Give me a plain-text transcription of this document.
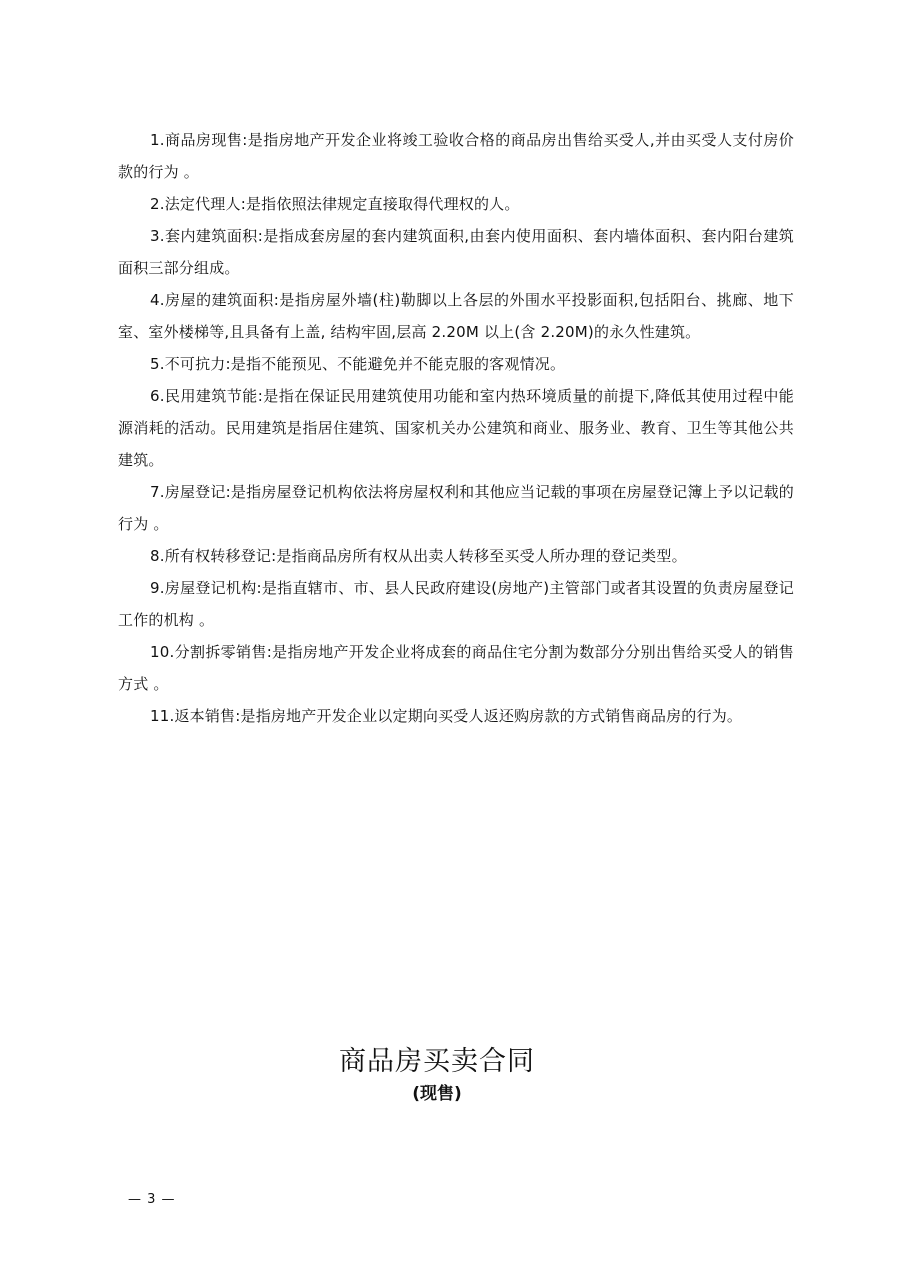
1.商品房现售:是指房地产开发企业将竣工验收合格的商品房出售给买受人,并由买受人支付房价款的行为 。

2.法定代理人:是指依照法律规定直接取得代理权的人。

3.套内建筑面积:是指成套房屋的套内建筑面积,由套内使用面积、套内墙体面积、套内阳台建筑面积三部分组成。

4.房屋的建筑面积:是指房屋外墙(柱)勒脚以上各层的外围水平投影面积,包括阳台、挑廊、地下室、室外楼梯等,且具备有上盖, 结构牢固,层高 2.20M 以上(含 2.20M)的永久性建筑。

5.不可抗力:是指不能预见、不能避免并不能克服的客观情况。

6.民用建筑节能:是指在保证民用建筑使用功能和室内热环境质量的前提下,降低其使用过程中能源消耗的活动。民用建筑是指居住建筑、国家机关办公建筑和商业、服务业、教育、卫生等其他公共建筑。

7.房屋登记:是指房屋登记机构依法将房屋权利和其他应当记载的事项在房屋登记簿上予以记载的行为 。

8.所有权转移登记:是指商品房所有权从出卖人转移至买受人所办理的登记类型。

9.房屋登记机构:是指直辖市、市、县人民政府建设(房地产)主管部门或者其设置的负责房屋登记工作的机构 。

10.分割拆零销售:是指房地产开发企业将成套的商品住宅分割为数部分分别出售给买受人的销售方式 。

11.返本销售:是指房地产开发企业以定期向买受人返还购房款的方式销售商品房的行为。

商品房买卖合同

(现售)

— 3 —
